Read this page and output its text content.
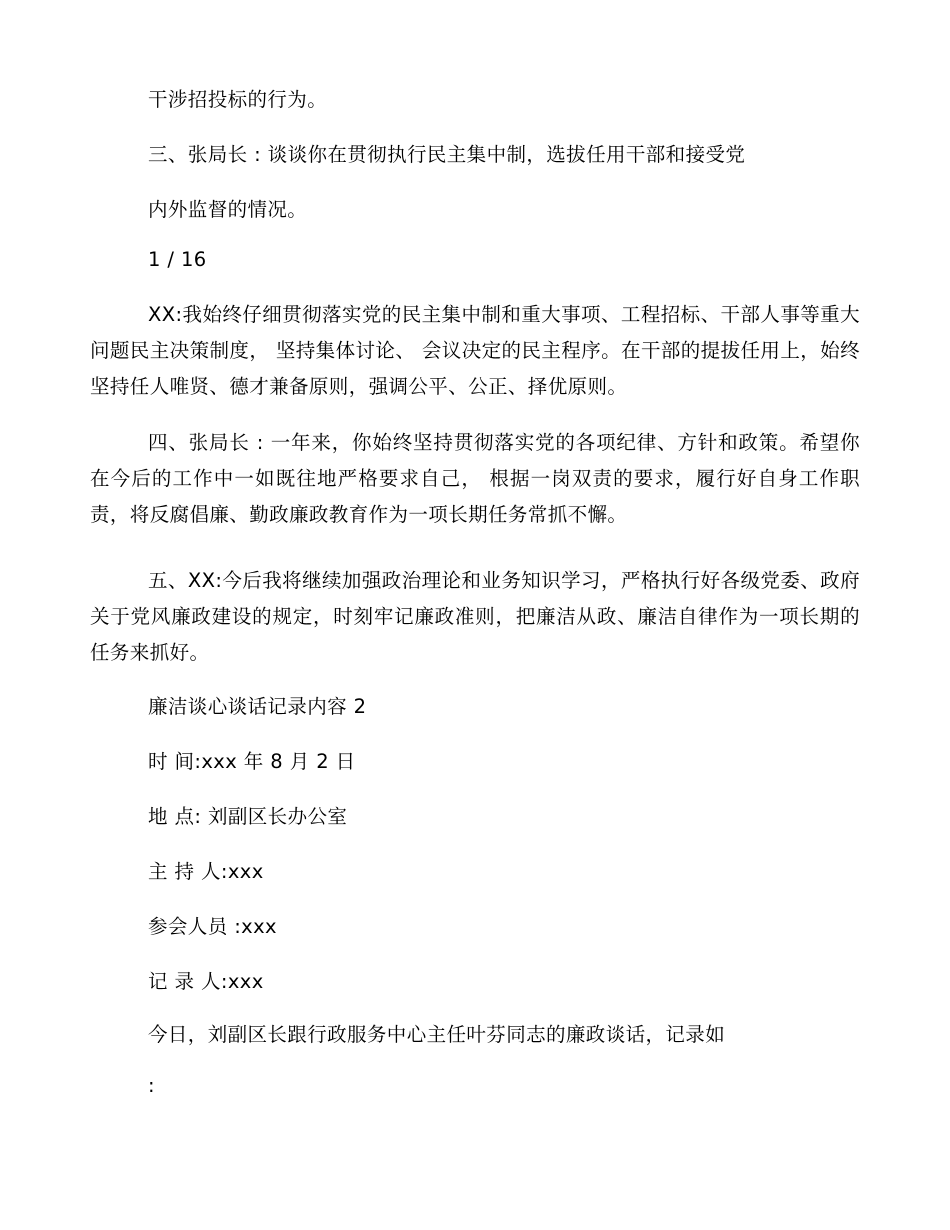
干涉招投标的行为。
三、张局长 : 谈谈你在贯彻执行民主集中制，选拔任用干部和接受党
内外监督的情况。
1 / 16
XX:我始终仔细贯彻落实党的民主集中制和重大事项、工程招标、干部人事等重大问题民主决策制度， 坚持集体讨论、 会议决定的民主程序。在干部的提拔任用上，始终坚持任人唯贤、德才兼备原则，强调公平、公正、择优原则。
四、张局长 : 一年来，你始终坚持贯彻落实党的各项纪律、方针和政策。希望你在今后的工作中一如既往地严格要求自己， 根据一岗双责的要求，履行好自身工作职责，将反腐倡廉、勤政廉政教育作为一项长期任务常抓不懈。
五、XX:今后我将继续加强政治理论和业务知识学习，严格执行好各级党委、政府关于党风廉政建设的规定，时刻牢记廉政准则，把廉洁从政、廉洁自律作为一项长期的任务来抓好。
廉洁谈心谈话记录内容 2
时 间:xxx 年 8 月 2 日
地 点: 刘副区长办公室
主 持 人:xxx
参会人员 :xxx
记 录 人:xxx
今日，刘副区长跟行政服务中心主任叶芬同志的廉政谈话，记录如
:
